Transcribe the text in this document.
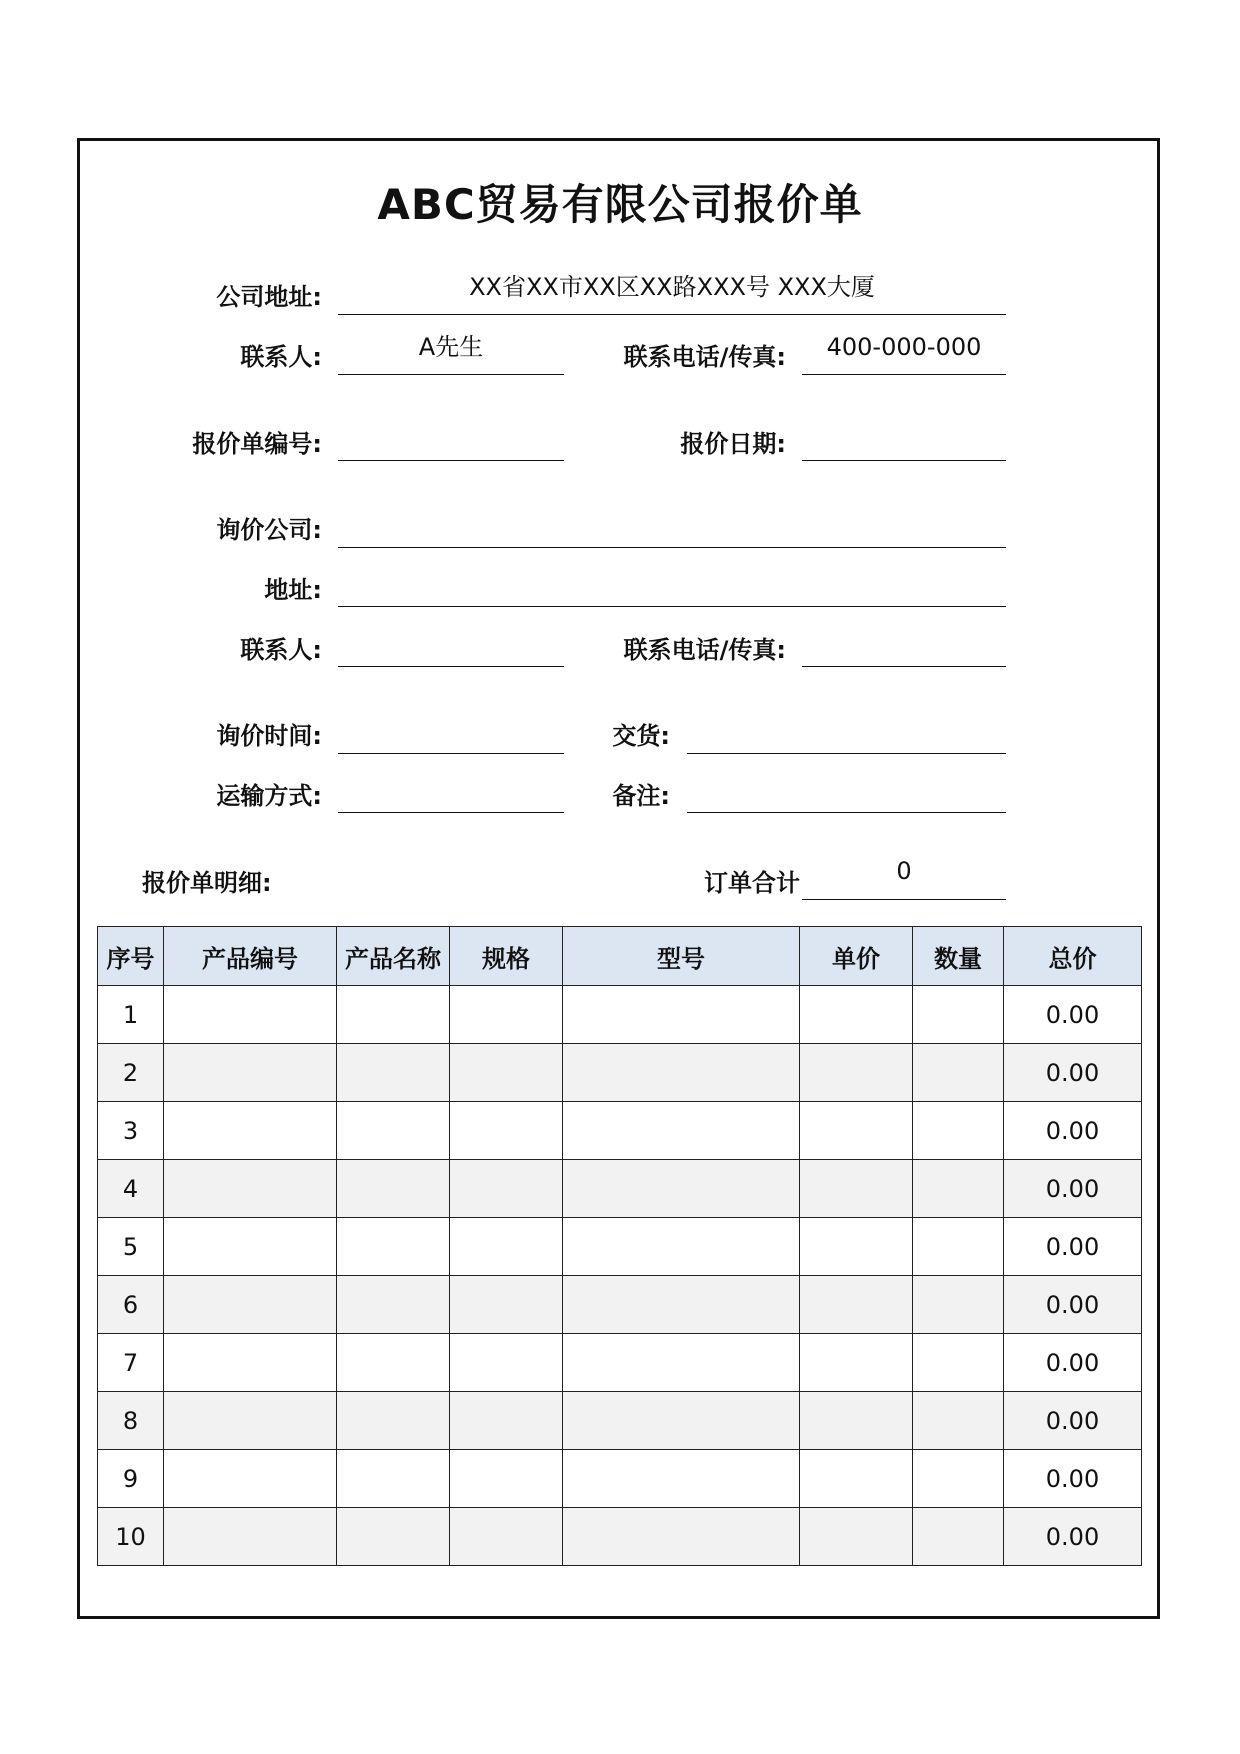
ABC贸易有限公司报价单
公司地址:	XX省XX市XX区XX路XXX号 XXX大厦
联系人:	A先生	联系电话/传真:	400-000-000
报价单编号:	报价日期:
询价公司:
地址:
联系人:	联系电话/传真:
询价时间:	交货:
运输方式:	备注:
报价单明细:	订单合计	0
序号	产品编号	产品名称	规格	型号	单价	数量	总价
1							0.00
2							0.00
3							0.00
4							0.00
5							0.00
6							0.00
7							0.00
8							0.00
9							0.00
10							0.00
